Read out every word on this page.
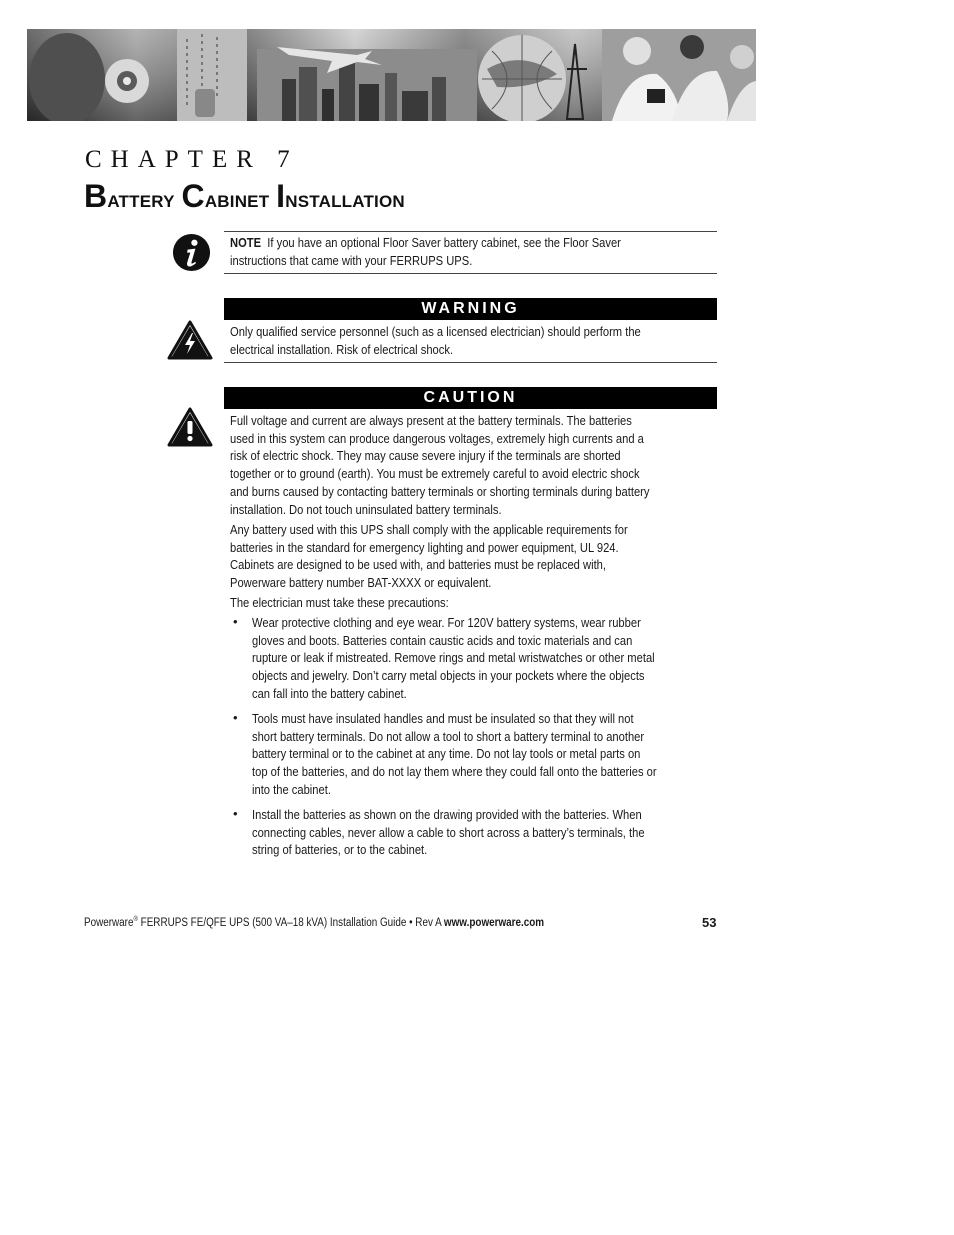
CHAPTER 7
Battery Cabinet Installation

NOTE If you have an optional Floor Saver battery cabinet, see the Floor Saver

instructions that came with your FERRUPS UPS.

WARNING

Only qualified service personnel (such as a licensed electrician) should perform the

electrical installation. Risk of electrical shock.

CAUTION

Full voltage and current are always present at the battery terminals. The batteries

used in this system can produce dangerous voltages, extremely high currents and a

risk of electric shock. They may cause severe injury if the terminals are shorted

together or to ground (earth). You must be extremely careful to avoid electric shock

and burns caused by contacting battery terminals or shorting terminals during battery

installation. Do not touch uninsulated battery terminals.

Any battery used with this UPS shall comply with the applicable requirements for

batteries in the standard for emergency lighting and power equipment, UL 924.

Cabinets are designed to be used with, and batteries must be replaced with,

Powerware battery number BAT-XXXX or equivalent.

The electrician must take these precautions:
• Wear protective clothing and eye wear. For 120V battery systems, wear rubber
gloves and boots. Batteries contain caustic acids and toxic materials and can
rupture or leak if mistreated. Remove rings and metal wristwatches or other metal
objects and jewelry. Don’t carry metal objects in your pockets where the objects
can fall into the battery cabinet.
• Tools must have insulated handles and must be insulated so that they will not
short battery terminals. Do not allow a tool to short a battery terminal to another
battery terminal or to the cabinet at any time. Do not lay tools or metal parts on
top of the batteries, and do not lay them where they could fall onto the batteries or
into the cabinet.
• Install the batteries as shown on the drawing provided with the batteries. When
connecting cables, never allow a cable to short across a battery’s terminals, the
string of batteries, or to the cabinet.
Powerware® FERRUPS FE/QFE UPS (500 VA–18 kVA) Installation Guide • Rev A www.powerware.com	53
